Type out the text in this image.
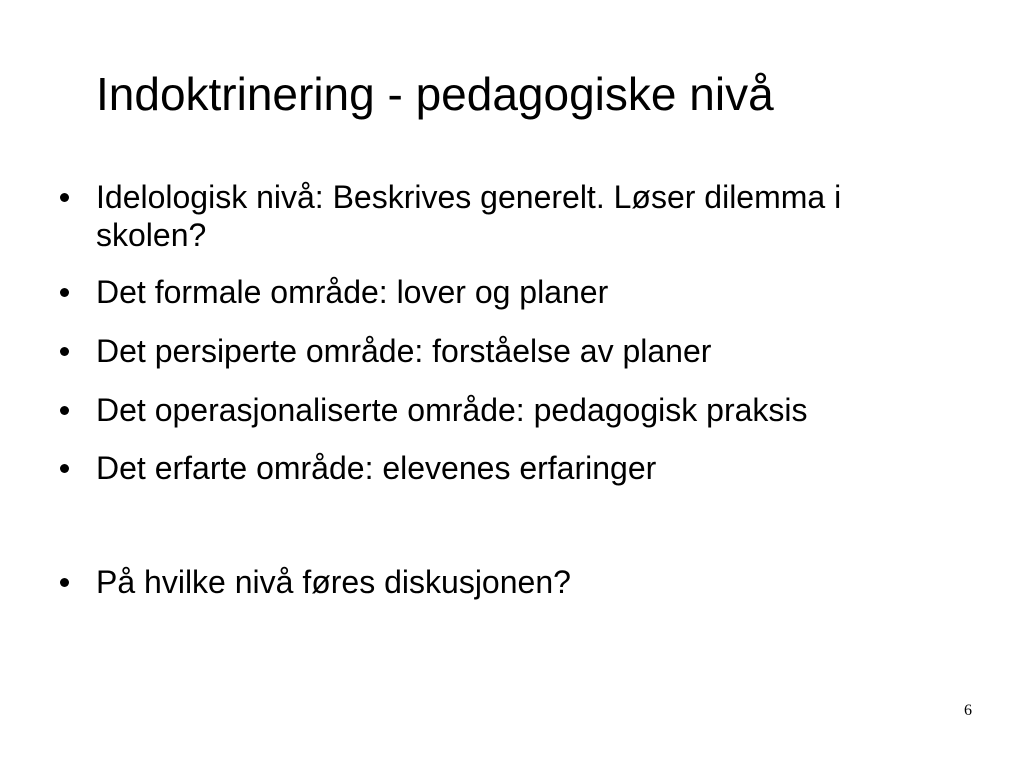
Indoktrinering - pedagogiske nivå
Idelologisk nivå: Beskrives generelt. Løser dilemma i skolen?
Det formale område: lover og planer
Det persiperte område: forståelse av planer
Det operasjonaliserte område: pedagogisk praksis
Det erfarte område: elevenes erfaringer
På hvilke nivå føres diskusjonen?
6
